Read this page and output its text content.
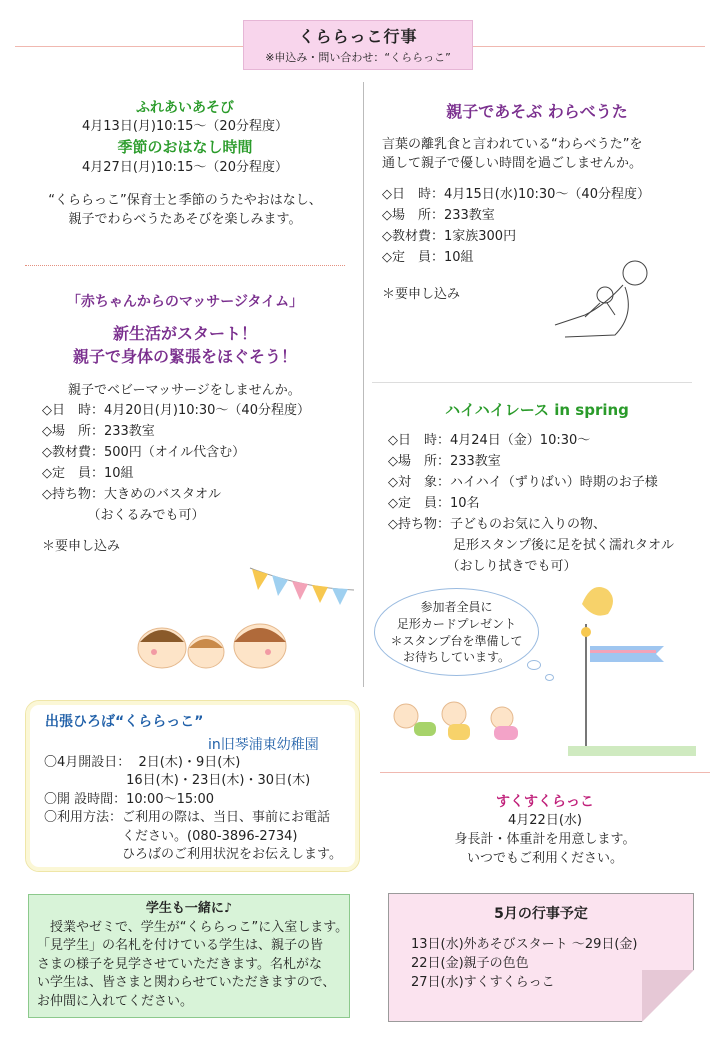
くららっこ行事
※申込み・問い合わせ：“くららっこ”
ふれあいあそび
4月13日(月)10:15～（20分程度）
季節のおはなし時間
4月27日(月)10:15～（20分程度）
“くららっこ”保育士と季節のうたやおはなし、
親子でわらべうたあそびを楽しみます。
「赤ちゃんからのマッサージタイム」
新生活がスタート！
親子で身体の緊張をほぐそう！
親子でベビーマッサージをしませんか。
◇日　時：4月20日(月)10:30～（40分程度）
◇場　所：233教室
◇教材費：500円（オイル代含む）
◇定　員：10組
◇持ち物：大きめのバスタオル
　　　　（おくるみでも可）
＊要申し込み
親子であそぶ わらべうた
言葉の離乳食と言われている“わらべうた”を
通して親子で優しい時間を過ごしませんか。
◇日　時：4月15日(水)10:30～（40分程度）
◇場　所：233教室
◇教材費：1家族300円
◇定　員：10組
＊要申し込み
ハイハイレース in spring
◇日　時：4月24日（金）10:30～
◇場　所：233教室
◇対　象：ハイハイ（ずりばい）時期のお子様
◇定　員：10名
◇持ち物：子どものお気に入りの物、
　　　　　足形スタンプ後に足を拭く濡れタオル
　　　　　（おしり拭きでも可）
参加者全員に
足形カードプレゼント
＊スタンプ台を準備して
お待ちしています。
出張ひろば“くららっこ”
in旧琴浦東幼稚園
〇4月開設日：  2日(木)・9日(木)
　　　　　　 16日(木)・23日(木)・30日(木)
〇開 設時間：10:00～15:00
〇利用方法：ご利用の際は、当日、事前にお電話
　　　　　　ください。(080-3896-2734)
　　　　　　ひろばのご利用状況をお伝えします。
すくすくらっこ
4月22日(水)
身長計・体重計を用意します。
いつでもご利用ください。
学生も一緒に♪
授業やゼミで、学生が“くららっこ”に入室します。
「見学生」の名札を付けている学生は、親子の皆
さまの様子を見学させていただきます。名札がな
い学生は、皆さまと関わらせていただきますので、
お仲間に入れてください。
5月の行事予定
13日(水)外あそびスタート ～29日(金)
22日(金)親子の色色
27日(水)すくすくらっこ
